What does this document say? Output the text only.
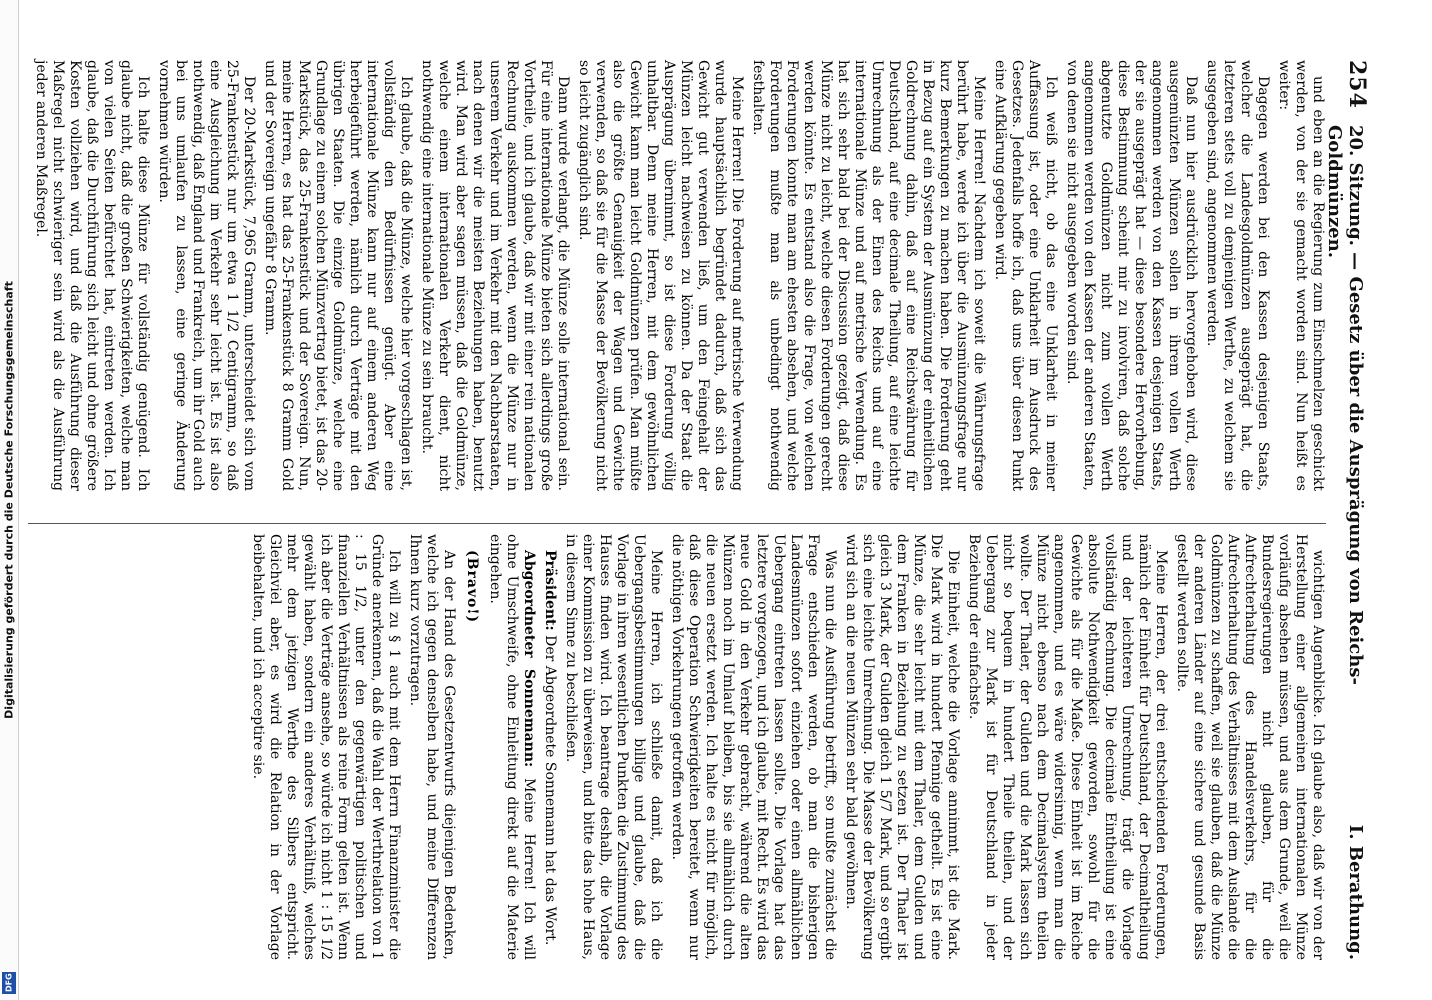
Digitalisierung gefördert durch die Deutsche Forschungsgemeinschaft
DFG
254
20. Sitzung. — Gesetz über die Ausprägung von Reichs-Goldmünzen.
I. Berathung.

und eben an die Regierung zum Einschmelzen geschickt werden, von der sie gemacht worden sind. Nun heißt es weiter:

Dagegen werden bei den Kassen desjenigen Staats, welcher die Landesgoldmünzen ausgeprägt hat, die letzteren stets voll zu demjenigen Werthe, zu welchem sie ausgegeben sind, angenommen werden.

Daß nun hier ausdrücklich hervorgehoben wird, diese ausgemünzten Münzen sollen in ihrem vollen Werth angenommen werden von den Kassen desjenigen Staats, der sie ausgeprägt hat — diese besondere Hervorhebung, diese Bestimmung scheint mir zu involviren, daß solche abgenutzte Goldmünzen nicht zum vollen Werth angenommen werden von den Kassen der anderen Staaten, von denen sie nicht ausgegeben worden sind.

Ich weiß nicht, ob das eine Unklarheit in meiner Auffassung ist, oder eine Unklarheit im Ausdruck des Gesetzes. Jedenfalls hoffe ich, daß uns über diesen Punkt eine Aufklärung gegeben wird.

Meine Herren! Nachdem ich soweit die Währungsfrage berührt habe, werde ich über die Ausmünzungsfrage nur kurz Bemerkungen zu machen haben. Die Forderung geht in Bezug auf ein System der Ausmünzung der einheitlichen Goldrechnung dahin, daß auf eine Reichswährung für Deutschland, auf eine decimale Theilung, auf eine leichte Umrechnung als der Einen des Reichs und auf eine internationale Münze und auf metrische Verwendung. Es hat sich sehr bald bei der Discussion gezeigt, daß diese Münze nicht zu leicht, welche diesen Forderungen gerecht werden könnte. Es entstand also die Frage, von welchen Forderungen konnte man am ehesten absehen, und welche Forderungen mußte man als unbedingt nothwendig festhalten.

Meine Herren! Die Forderung auf metrische Verwendung wurde hauptsächlich begründet dadurch, daß sich das Gewicht gut verwenden ließ, um den Feingehalt der Münzen leicht nachweisen zu können. Da der Staat die Ausprägung übernimmt, so ist diese Forderung völlig unhaltbar. Denn meine Herren, mit dem gewöhnlichen Gewicht kann man leicht Goldmünzen prüfen. Man müßte also die größte Genauigkeit der Wagen und Gewichte verwenden, so daß sie für die Masse der Bevölkerung nicht so leicht zugänglich sind.

Dann wurde verlangt, die Münze solle international sein. Für eine internationale Münze bieten sich allerdings große Vortheile, und ich glaube, daß wir mit einer rein nationalen Rechnung auskommen werden, wenn die Münze nur in unserem Verkehr und im Verkehr mit den Nachbarstaaten, nach denen wir die meisten Beziehungen haben, benutzt wird. Man wird aber sagen müssen, daß die Goldmünze, welche einem internationalen Verkehr dient, nicht nothwendig eine internationale Münze zu sein braucht.

Ich glaube, daß die Münze, welche hier vorgeschlagen ist, vollständig den Bedürfnissen genügt. Aber eine internationale Münze kann nur auf einem anderen Weg herbeigeführt werden, nämlich durch Verträge mit den übrigen Staaten. Die einzige Goldmünze, welche eine Grundlage zu einem solchen Münzvertrag bietet, ist das 20-Markstück, das 25-Frankenstück und der Sovereign. Nun, meine Herren, es hat das 25-Frankenstück 8 Gramm Gold und der Sovereign ungefähr 8 Gramm.

Der 20-Markstück, 7,965 Gramm, unterscheidet sich vom 25-Frankenstück nur um etwa 1 1/2 Centigramm, so daß eine Ausgleichung im Verkehr sehr leicht ist. Es ist also nothwendig, daß England und Frankreich, um ihr Gold auch bei uns umlaufen zu lassen, eine geringe Änderung vornehmen würden.

Ich halte diese Münze für vollständig genügend. Ich glaube nicht, daß die großen Schwierigkeiten, welche man von vielen Seiten befürchtet hat, eintreten werden. Ich glaube, daß die Durchführung sich leicht und ohne größere Kosten vollziehen wird, und daß die Ausführung dieser Maßregel nicht schwieriger sein wird als die Ausführung jeder anderen Maßregel.

wichtigen Augenblicke. Ich glaube also, daß wir von der Herstellung einer allgemeinen internationalen Münze vorläufig absehen müssen, und aus dem Grunde, weil die Bundesregierungen nicht glauben, für die Aufrechterhaltung des Handelsverkehrs, für die Aufrechterhaltung des Verhältnisses mit dem Auslande die Goldmünzen zu schaffen, weil sie glauben, daß die Münze der anderen Länder auf eine sichere und gesunde Basis gestellt werden sollte.

Meine Herren, der drei entscheidenden Forderungen, nämlich der Einheit für Deutschland, der Decimaltheilung und der leichteren Umrechnung, trägt die Vorlage vollständig Rechnung. Die decimale Eintheilung ist eine absolute Nothwendigkeit geworden, sowohl für die Gewichte als für die Maße. Diese Einheit ist im Reiche angenommen, und es wäre widersinnig, wenn man die Münze nicht ebenso nach dem Decimalsystem theilen wollte. Der Thaler, der Gulden und die Mark lassen sich nicht so bequem in hundert Theile theilen, und der Uebergang zur Mark ist für Deutschland in jeder Beziehung der einfachste.

Die Einheit, welche die Vorlage annimmt, ist die Mark. Die Mark wird in hundert Pfennige getheilt. Es ist eine Münze, die sehr leicht mit dem Thaler, dem Gulden und dem Franken in Beziehung zu setzen ist. Der Thaler ist gleich 3 Mark, der Gulden gleich 1 5/7 Mark, und so ergibt sich eine leichte Umrechnung. Die Masse der Bevölkerung wird sich an die neuen Münzen sehr bald gewöhnen.

Was nun die Ausführung betrifft, so mußte zunächst die Frage entschieden werden, ob man die bisherigen Landesmünzen sofort einziehen oder einen allmählichen Uebergang eintreten lassen sollte. Die Vorlage hat das letztere vorgezogen, und ich glaube, mit Recht. Es wird das neue Gold in den Verkehr gebracht, während die alten Münzen noch im Umlauf bleiben, bis sie allmählich durch die neuen ersetzt werden. Ich halte es nicht für möglich, daß diese Operation Schwierigkeiten bereitet, wenn nur die nöthigen Vorkehrungen getroffen werden.

Meine Herren, ich schließe damit, daß ich die Uebergangsbestimmungen billige und glaube, daß die Vorlage in ihren wesentlichen Punkten die Zustimmung des Hauses finden wird. Ich beantrage deshalb, die Vorlage einer Kommission zu überweisen, und bitte das hohe Haus, in diesem Sinne zu beschließen.

Präsident: Der Abgeordnete Sonnemann hat das Wort.

Abgeordneter Sonnemann: Meine Herren! Ich will ohne Umschweife, ohne Einleitung direkt auf die Materie eingehen.

(Bravo!)

An der Hand des Gesetzentwurfs diejenigen Bedenken, welche ich gegen denselben habe, und meine Differenzen Ihnen kurz vorzutragen.

Ich will zu § 1 auch mit dem Herrn Finanzminister die Gründe anerkennen, daß die Wahl der Werthrelation von 1 : 15 1/2, unter den gegenwärtigen politischen und finanziellen Verhältnissen als reine Form gelten ist. Wenn ich aber die Verträge ansehe, so würde ich nicht 1 : 15 1/2 gewählt haben, sondern ein anderes Verhältniß, welches mehr dem jetzigen Werthe des Silbers entspricht. Gleichviel aber, es wird die Relation in der Vorlage beibehalten, und ich acceptire sie.
